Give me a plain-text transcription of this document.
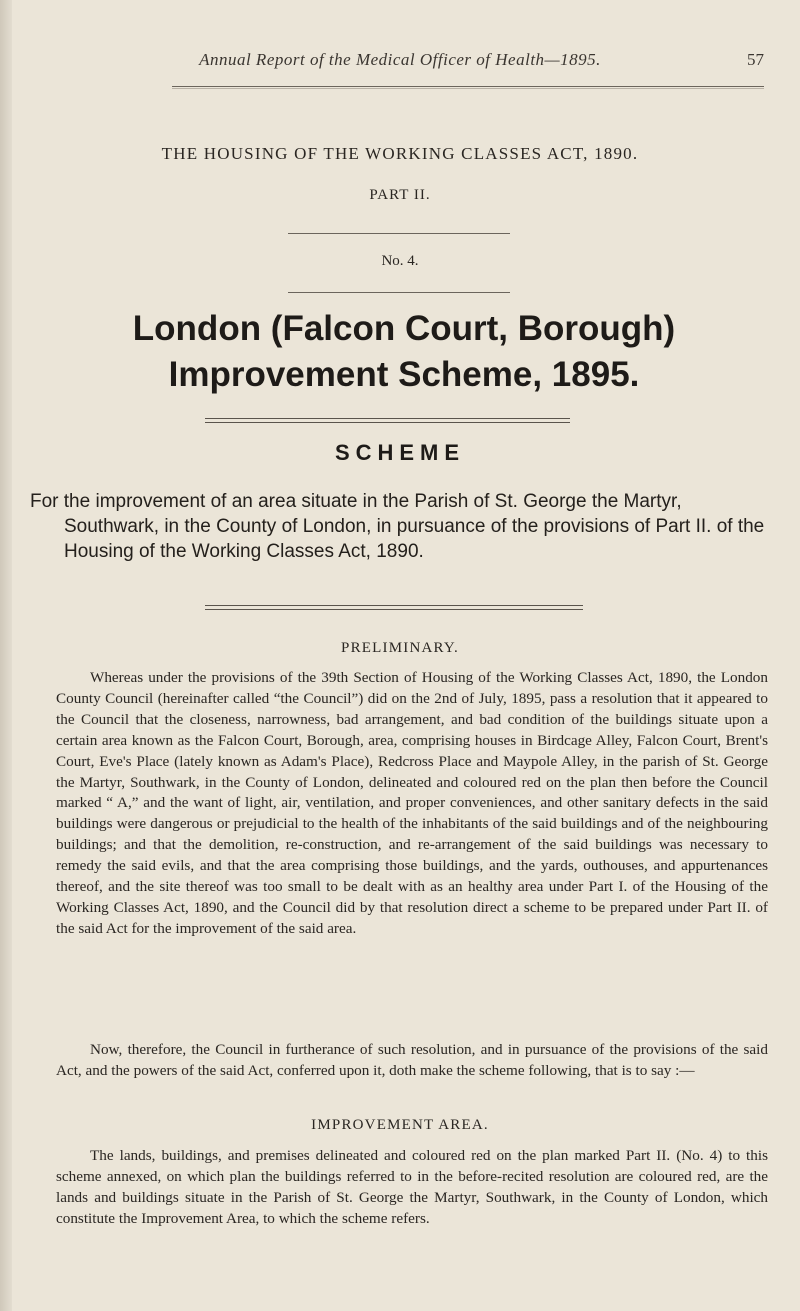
Annual Report of the Medical Officer of Health—1895.	57
THE HOUSING OF THE WORKING CLASSES ACT, 1890.
PART II.
No. 4.
London (Falcon Court, Borough) Improvement Scheme, 1895.
SCHEME
For the improvement of an area situate in the Parish of St. George the Martyr, Southwark, in the County of London, in pursuance of the provisions of Part II. of the Housing of the Working Classes Act, 1890.
PRELIMINARY.
Whereas under the provisions of the 39th Section of Housing of the Working Classes Act, 1890, the London County Council (hereinafter called “the Council”) did on the 2nd of July, 1895, pass a resolution that it appeared to the Council that the closeness, narrowness, bad arrangement, and bad condition of the buildings situate upon a certain area known as the Falcon Court, Borough, area, comprising houses in Birdcage Alley, Falcon Court, Brent's Court, Eve's Place (lately known as Adam's Place), Redcross Place and Maypole Alley, in the parish of St. George the Martyr, Southwark, in the County of London, delineated and coloured red on the plan then before the Council marked “ A,” and the want of light, air, ventilation, and proper conveniences, and other sanitary defects in the said buildings were dangerous or prejudicial to the health of the inhabitants of the said buildings and of the neighbouring buildings; and that the demolition, re-construction, and re-arrangement of the said buildings was necessary to remedy the said evils, and that the area comprising those buildings, and the yards, outhouses, and appurtenances thereof, and the site thereof was too small to be dealt with as an healthy area under Part I. of the Housing of the Working Classes Act, 1890, and the Council did by that resolution direct a scheme to be prepared under Part II. of the said Act for the improvement of the said area.
Now, therefore, the Council in furtherance of such resolution, and in pursuance of the provisions of the said Act, and the powers of the said Act, conferred upon it, doth make the scheme following, that is to say :—
IMPROVEMENT AREA.
The lands, buildings, and premises delineated and coloured red on the plan marked Part II. (No. 4) to this scheme annexed, on which plan the buildings referred to in the before-recited resolution are coloured red, are the lands and buildings situate in the Parish of St. George the Martyr, Southwark, in the County of London, which constitute the Improvement Area, to which the scheme refers.
